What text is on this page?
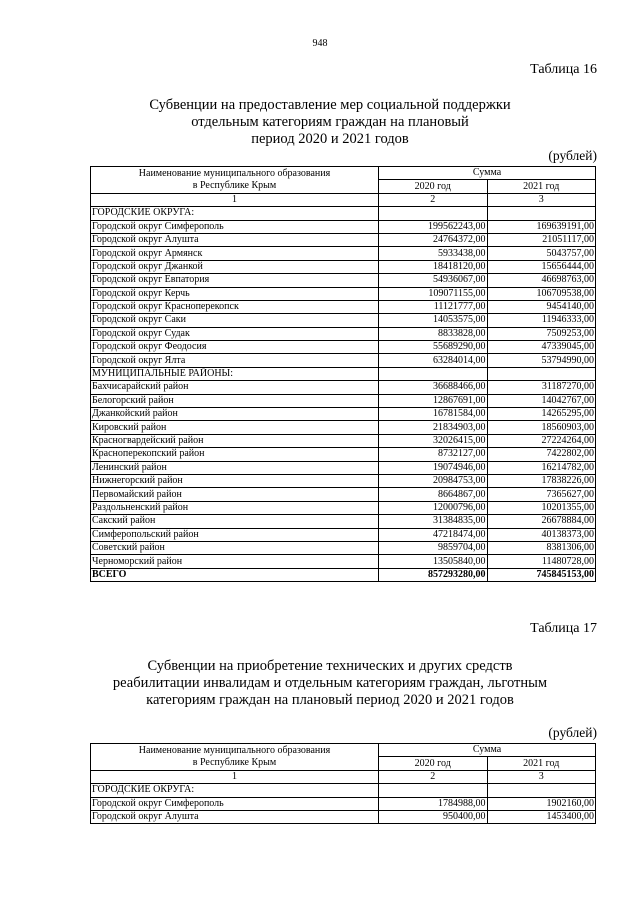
948
Таблица 16
Субвенции на предоставление мер социальной поддержки
отдельным категориям граждан на плановый
период 2020 и 2021 годов
(рублей)
Наименование муниципального образования
в Республике Крым	Сумма	
	2020 год	2021 год
1	2	3
ГОРОДСКИЕ ОКРУГА:		
Городской округ Симферополь	199562243,00	169639191,00
Городской округ Алушта	24764372,00	21051117,00
Городской округ Армянск	5933438,00	5043757,00
Городской округ Джанкой	18418120,00	15656444,00
Городской округ Евпатория	54936067,00	46698763,00
Городской округ Керчь	109071155,00	106709538,00
Городской округ Красноперекопск	11121777,00	9454140,00
Городской округ Саки	14053575,00	11946333,00
Городской округ Судак	8833828,00	7509253,00
Городской округ Феодосия	55689290,00	47339045,00
Городской округ Ялта	63284014,00	53794990,00
МУНИЦИПАЛЬНЫЕ РАЙОНЫ:		
Бахчисарайский район	36688466,00	31187270,00
Белогорский район	12867691,00	14042767,00
Джанкойский район	16781584,00	14265295,00
Кировский район	21834903,00	18560903,00
Красногвардейский район	32026415,00	27224264,00
Красноперекопский район	8732127,00	7422802,00
Ленинский район	19074946,00	16214782,00
Нижнегорский район	20984753,00	17838226,00
Первомайский район	8664867,00	7365627,00
Раздольненский район	12000796,00	10201355,00
Сакский район	31384835,00	26678884,00
Симферопольский район	47218474,00	40138373,00
Советский район	9859704,00	8381306,00
Черноморский район	13505840,00	11480728,00
ВСЕГО	857293280,00	745845153,00
Таблица 17
Субвенции на приобретение технических и других средств
реабилитации инвалидам и отдельным категориям граждан, льготным
категориям граждан на плановый период 2020 и 2021 годов
(рублей)
Наименование муниципального образования
в Республике Крым	Сумма	
	2020 год	2021 год
1	2	3
ГОРОДСКИЕ ОКРУГА:		
Городской округ Симферополь	1784988,00	1902160,00
Городской округ Алушта	950400,00	1453400,00
